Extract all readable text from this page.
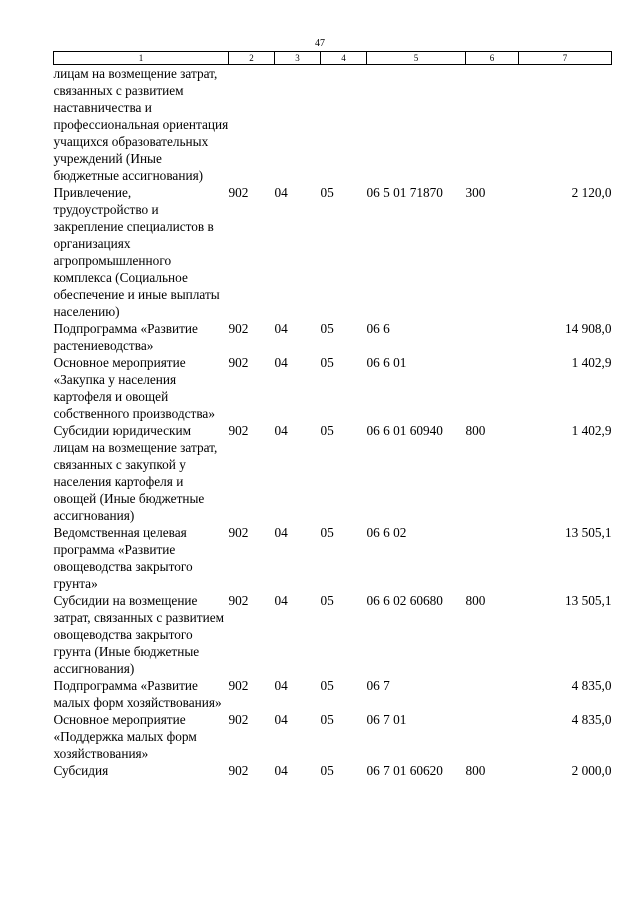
47
1	2	3	4	5	6	7
лицам на возмещение затрат, связанных с развитием наставничества и профессиональная ориентация учащихся образовательных учреждений (Иные бюджетные ассигнования)						
Привлечение, трудоустройство и закрепление специалистов в организациях агропромышленного комплекса (Социальное обеспечение и иные выплаты населению)	902	04	05	06 5 01 71870	300	2 120,0
Подпрограмма «Развитие растениеводства»	902	04	05	06 6		14 908,0
Основное мероприятие «Закупка у населения картофеля и овощей собственного производства»	902	04	05	06 6 01		1 402,9
Субсидии юридическим лицам на возмещение затрат, связанных с закупкой у населения картофеля и овощей (Иные бюджетные ассигнования)	902	04	05	06 6 01 60940	800	1 402,9
Ведомственная целевая программа «Развитие овощеводства закрытого грунта»	902	04	05	06 6 02		13 505,1
Субсидии на возмещение затрат, связанных с развитием овощеводства закрытого грунта (Иные бюджетные ассигнования)	902	04	05	06 6 02 60680	800	13 505,1
Подпрограмма «Развитие малых форм хозяйствования»	902	04	05	06 7		4 835,0
Основное мероприятие «Поддержка малых форм хозяйствования»	902	04	05	06 7 01		4 835,0
Субсидия	902	04	05	06 7 01 60620	800	2 000,0
